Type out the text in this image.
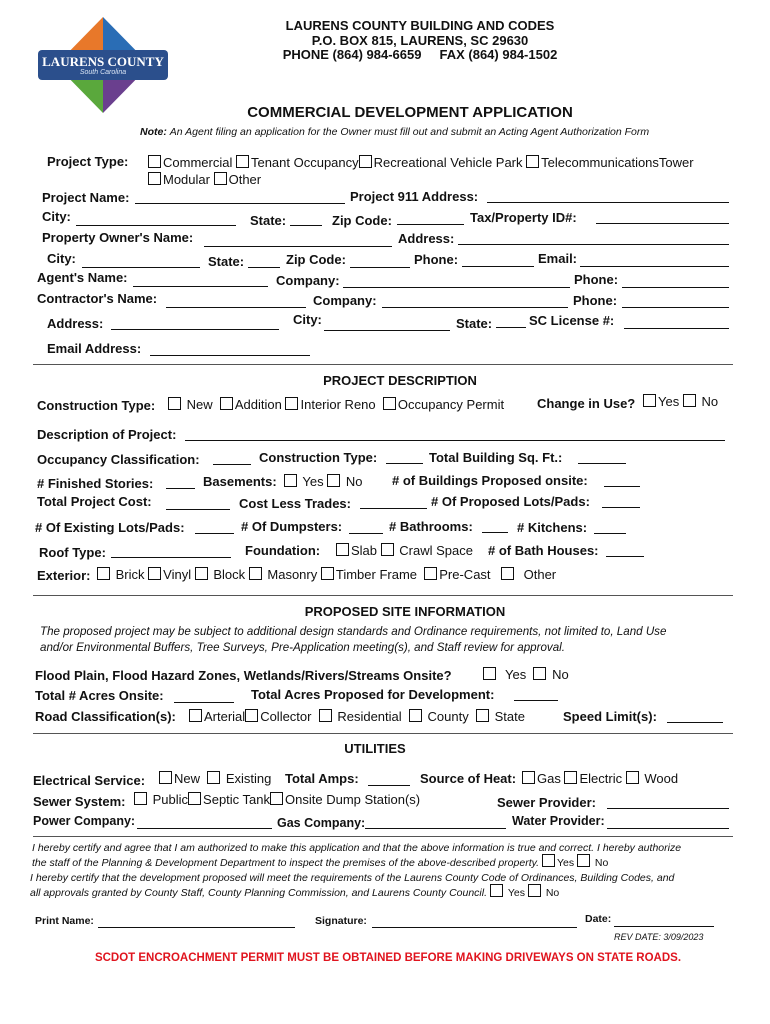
LAURENS COUNTY
South Carolina
LAURENS COUNTY BUILDING AND CODES
P.O. BOX 815, LAURENS, SC 29630
PHONE (864) 984-6659     FAX (864) 984-1502
COMMERCIAL DEVELOPMENT APPLICATION
Note: An Agent filing an application for the Owner must fill out and submit an Acting Agent Authorization Form
Project Type:	Commercial Tenant Occupancy Recreational Vehicle Park TelecommunicationsTower
Modular Other
Project Name:	Project 911 Address:
City:	State:	Zip Code:	Tax/Property ID#:
Property Owner's Name:	Address:
City:	State:	Zip Code:	Phone:	Email:
Agent's Name:	Company:	Phone:
Contractor's Name:	Company:	Phone:
Address:	City:	State:	SC License #:
Email Address:
PROJECT DESCRIPTION
Construction Type:	New Addition Interior Reno Occupancy Permit	Change in Use?	Yes No
Description of Project:
Occupancy Classification:	Construction Type:	Total Building Sq. Ft.:
# Finished Stories:	Basements:	Yes No # of Buildings Proposed onsite:
Total Project Cost:	Cost Less Trades:	# Of Proposed Lots/Pads:
# Of Existing Lots/Pads:	# Of Dumpsters:	# Bathrooms:	# Kitchens:
Roof Type:	Foundation:	Slab Crawl Space # of Bath Houses:
Exterior:	Brick Vinyl Block Masonry Timber Frame Pre-Cast	Other
PROPOSED SITE INFORMATION
The proposed project may be subject to additional design standards and Ordinance requirements, not limited to, Land Use
and/or Environmental Buffers, Tree Surveys, Pre-Application meeting(s), and Staff review for approval.
Flood Plain, Flood Hazard Zones, Wetlands/Rivers/Streams Onsite?	Yes No
Total # Acres Onsite:	Total Acres Proposed for Development:
Road Classification(s):	Arterial Collector Residential County State	Speed Limit(s):
UTILITIES
Electrical Service:	New Existing Total Amps:	Source of Heat:	Gas Electric Wood
Sewer System:	Public Septic Tank Onsite Dump Station(s)	Sewer Provider:
Power Company:	Gas Company:	Water Provider:
I hereby certify and agree that I am authorized to make this application and that the above information is true and correct. I hereby authorize
the staff of the Planning & Development Department to inspect the premises of the above-described property. Yes No
I hereby certify that the development proposed will meet the requirements of the Laurens County Code of Ordinances, Building Codes, and
all approvals granted by County Staff, County Planning Commission, and Laurens County Council. Yes No
Print Name:	Signature:	Date:
REV DATE: 3/09/2023
SCDOT ENCROACHMENT PERMIT MUST BE OBTAINED BEFORE MAKING DRIVEWAYS ON STATE ROADS.
